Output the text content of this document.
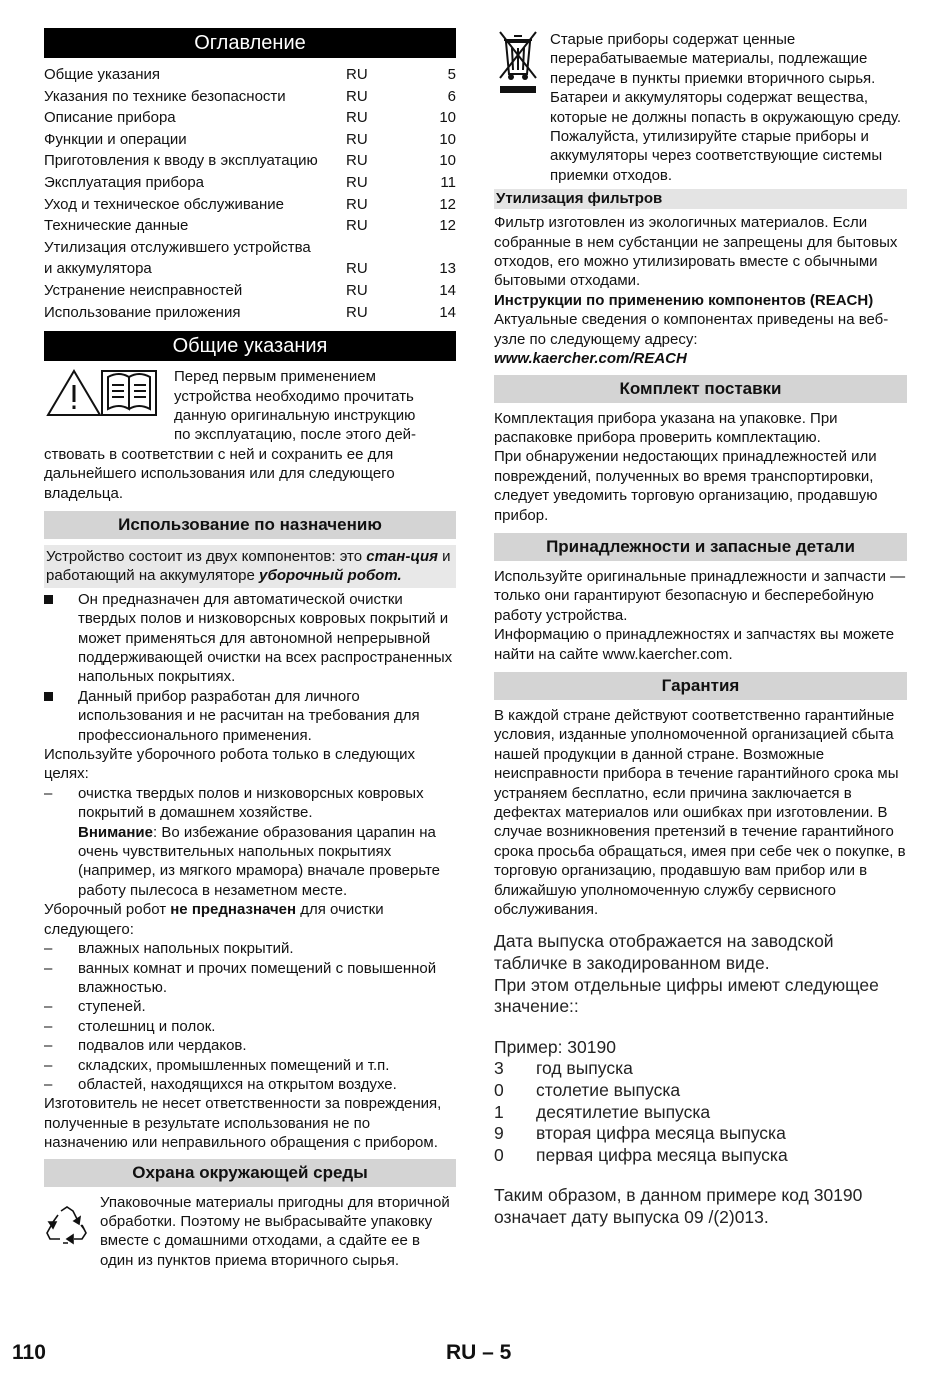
Оглавление
Общие указания	RU	5
Указания по технике безопасности	RU	6
Описание прибора	RU	10
Функции и операции	RU	10
Приготовления к вводу в эксплуатацию	RU	10
Эксплуатация прибора	RU	11
Уход и техническое обслуживание	RU	12
Технические данные	RU	12
Утилизация отслужившего устройства		
и аккумулятора	RU	13
Устранение неисправностей	RU	14
Использование приложения	RU	14
Общие указания
Перед первым применением
устройства необходимо прочитать
данную оригинальную инструкцию
по эксплуатацию, после этого дей-

ствовать в соответствии с ней и сохранить ее для дальнейшего использования или для следующего владельца.

Использование по назначению
Устройство состоит из двух компонентов: это стан-ция и работающий на аккумуляторе уборочный робот.
Он предназначен для автоматической очистки твердых полов и низковорсных ковровых покрытий и может применяться для автономной непрерывной поддерживающей очистки на всех распространенных напольных покрытиях.
Данный прибор разработан для личного использования и не расчитан на требования для профессионального применения.

Используйте уборочного робота только в следующих целях:

– очистка твердых полов и низковорсных ковровых покрытий в домашнем хозяйстве.
Внимание: Во избежание образования царапин на очень чувствительных напольных покрытиях (например, из мягкого мрамора) вначале проверьте работу пылесоса в незаметном месте.

Уборочный робот не предназначен для очистки следующего:

– влажных напольных покрытий.
– ванных комнат и прочих помещений с повышенной влажностью.
– ступеней.
– столешниц и полок.
– подвалов или чердаков.
– складских, промышленных помещений и т.п.
– областей, находящихся на открытом воздухе.

Изготовитель не несет ответственности за повреждения, полученные в результате использования не по назначению или неправильного обращения с прибором.

Охрана окружающей среды

Упаковочные материалы пригодны для вторичной обработки. Поэтому не выбрасывайте упаковку вместе с домашними отходами, а сдайте ее в один из пунктов приема вторичного сырья.

Старые приборы содержат ценные перерабатываемые материалы, подлежащие передаче в пункты приемки вторичного сырья. Батареи и аккумуляторы содержат вещества, которые не должны попасть в окружающую среду. Пожалуйста, утилизируйте старые приборы и аккумуляторы через соответствующие системы приемки отходов.

Утилизация фильтров

Фильтр изготовлен из экологичных материалов. Если собранные в нем субстанции не запрещены для бытовых отходов, его можно утилизировать вместе с обычными бытовыми отходами.

Инструкции по применению компонентов (REACH)

Актуальные сведения о компонентах приведены на веб-узле по следующему адресу:

www.kaercher.com/REACH

Комплект поставки

Комплектация прибора указана на упаковке. При распаковке прибора проверить комплектацию.

При обнаружении недостающих принадлежностей или повреждений, полученных во время транспортировки, следует уведомить торговую организацию, продавшую прибор.

Принадлежности и запасные детали

Используйте оригинальные принадлежности и запчасти — только они гарантируют безопасную и бесперебойную работу устройства.

Информацию о принадлежностях и запчастях вы можете найти на сайте www.kaercher.com.

Гарантия

В каждой стране действуют соответственно гарантийные условия, изданные уполномоченной организацией сбыта нашей продукции в данной стране. Возможные неисправности прибора в течение гарантийного срока мы устраняем бесплатно, если причина заключается в дефектах материалов или ошибках при изготовлении. В случае возникновения претензий в течение гарантийного срока просьба обращаться, имея при себе чек о покупке, в торговую организацию, продавшую вам прибор или в ближайшую уполномоченную службу сервисного обслуживания.

Дата выпуска отображается на заводской табличке в закодированном виде.

При этом отдельные цифры имеют следующее значение::

Пример: 30190

3 год выпуска
0 столетие выпуска
1 десятилетие выпуска
9 вторая цифра месяца выпуска
0 первая цифра месяца выпуска

Таким образом, в данном примере код 30190 означает дату выпуска 09 /(2)013.

110	RU – 5
